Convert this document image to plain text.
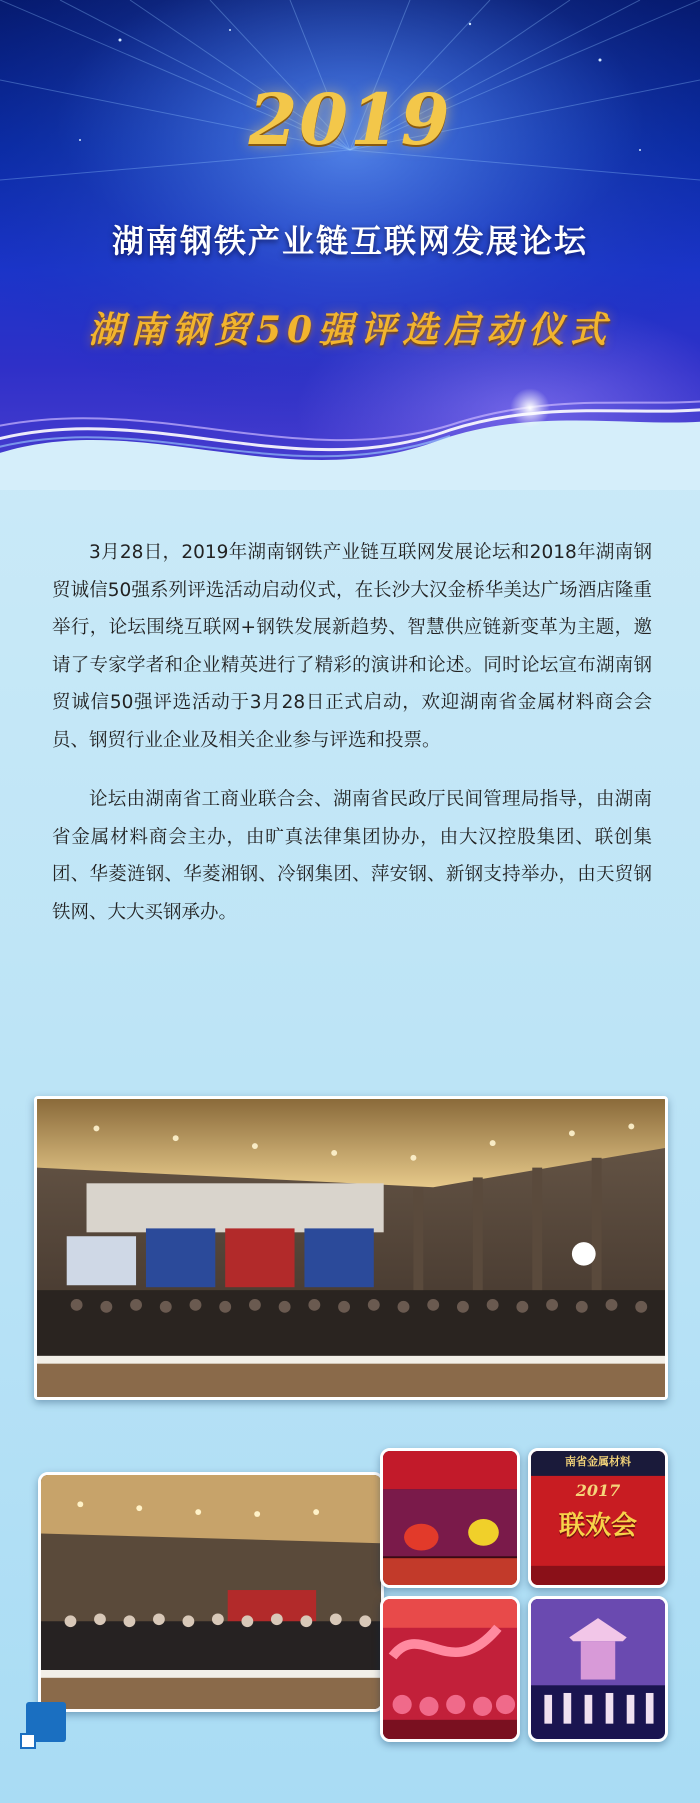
2019
湖南钢铁产业链互联网发展论坛
湖南钢贸50强评选启动仪式

3月28日，2019年湖南钢铁产业链互联网发展论坛和2018年湖南钢贸诚信50强系列评选活动启动仪式，在长沙大汉金桥华美达广场酒店隆重举行，论坛围绕互联网+钢铁发展新趋势、智慧供应链新变革为主题，邀请了专家学者和企业精英进行了精彩的演讲和论述。同时论坛宣布湖南钢贸诚信50强评选活动于3月28日正式启动，欢迎湖南省金属材料商会会员、钢贸行业企业及相关企业参与评选和投票。

论坛由湖南省工商业联合会、湖南省民政厅民间管理局指导，由湖南省金属材料商会主办，由旷真法律集团协办，由大汉控股集团、联创集团、华菱涟钢、华菱湘钢、冷钢集团、萍安钢、新钢支持举办，由天贸钢铁网、大大买钢承办。

南省金属材料
2017
联欢会
